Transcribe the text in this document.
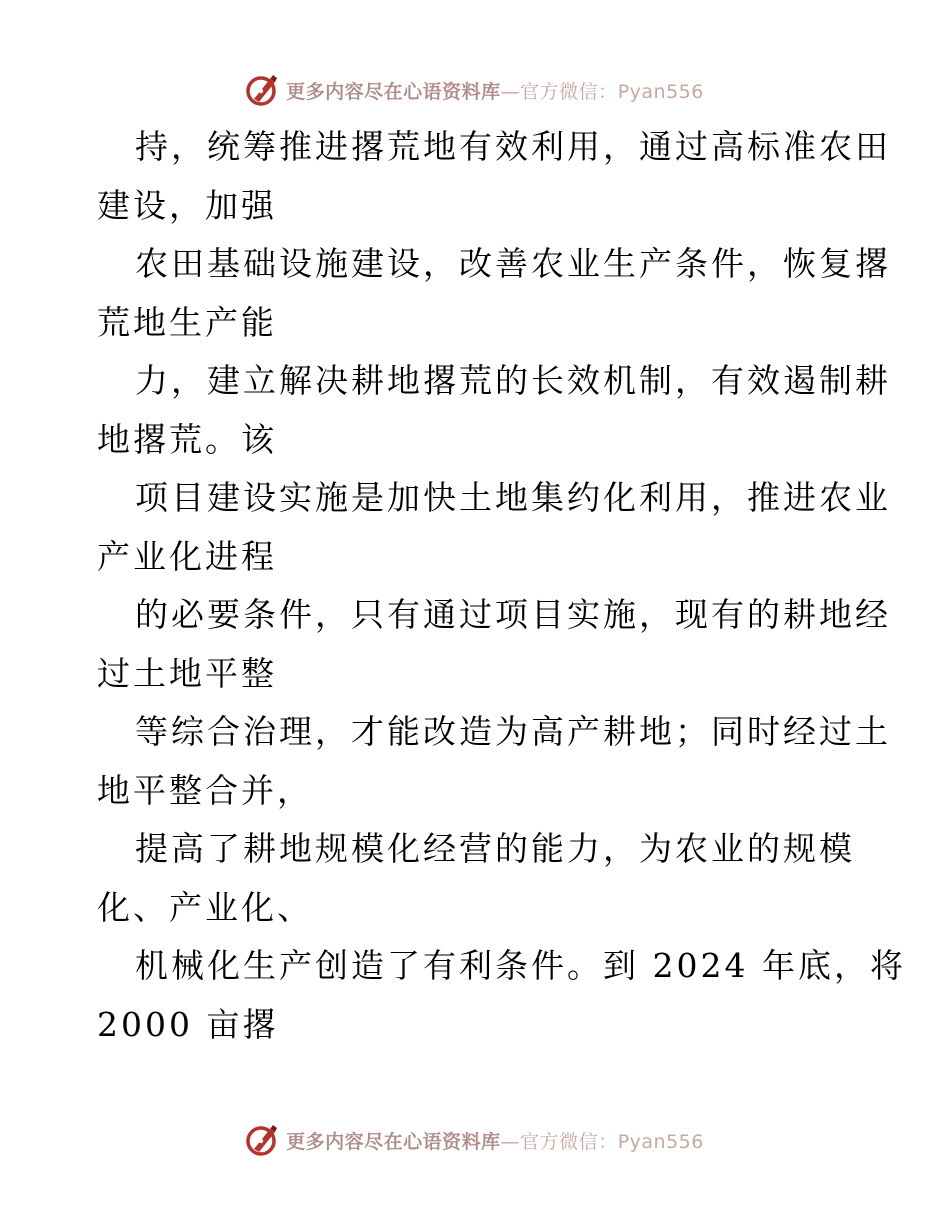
更多内容尽在心语资料库—官方微信：Pyan556
持，统筹推进撂荒地有效利用，通过高标准农田
建设，加强
农田基础设施建设，改善农业生产条件，恢复撂
荒地生产能
力，建立解决耕地撂荒的长效机制，有效遏制耕
地撂荒。该
项目建设实施是加快土地集约化利用，推进农业
产业化进程
的必要条件，只有通过项目实施，现有的耕地经
过土地平整
等综合治理，才能改造为高产耕地；同时经过土
地平整合并，
提高了耕地规模化经营的能力，为农业的规模
化、产业化、
机械化生产创造了有利条件。到 2024 年底，将
2000 亩撂
更多内容尽在心语资料库—官方微信：Pyan556
